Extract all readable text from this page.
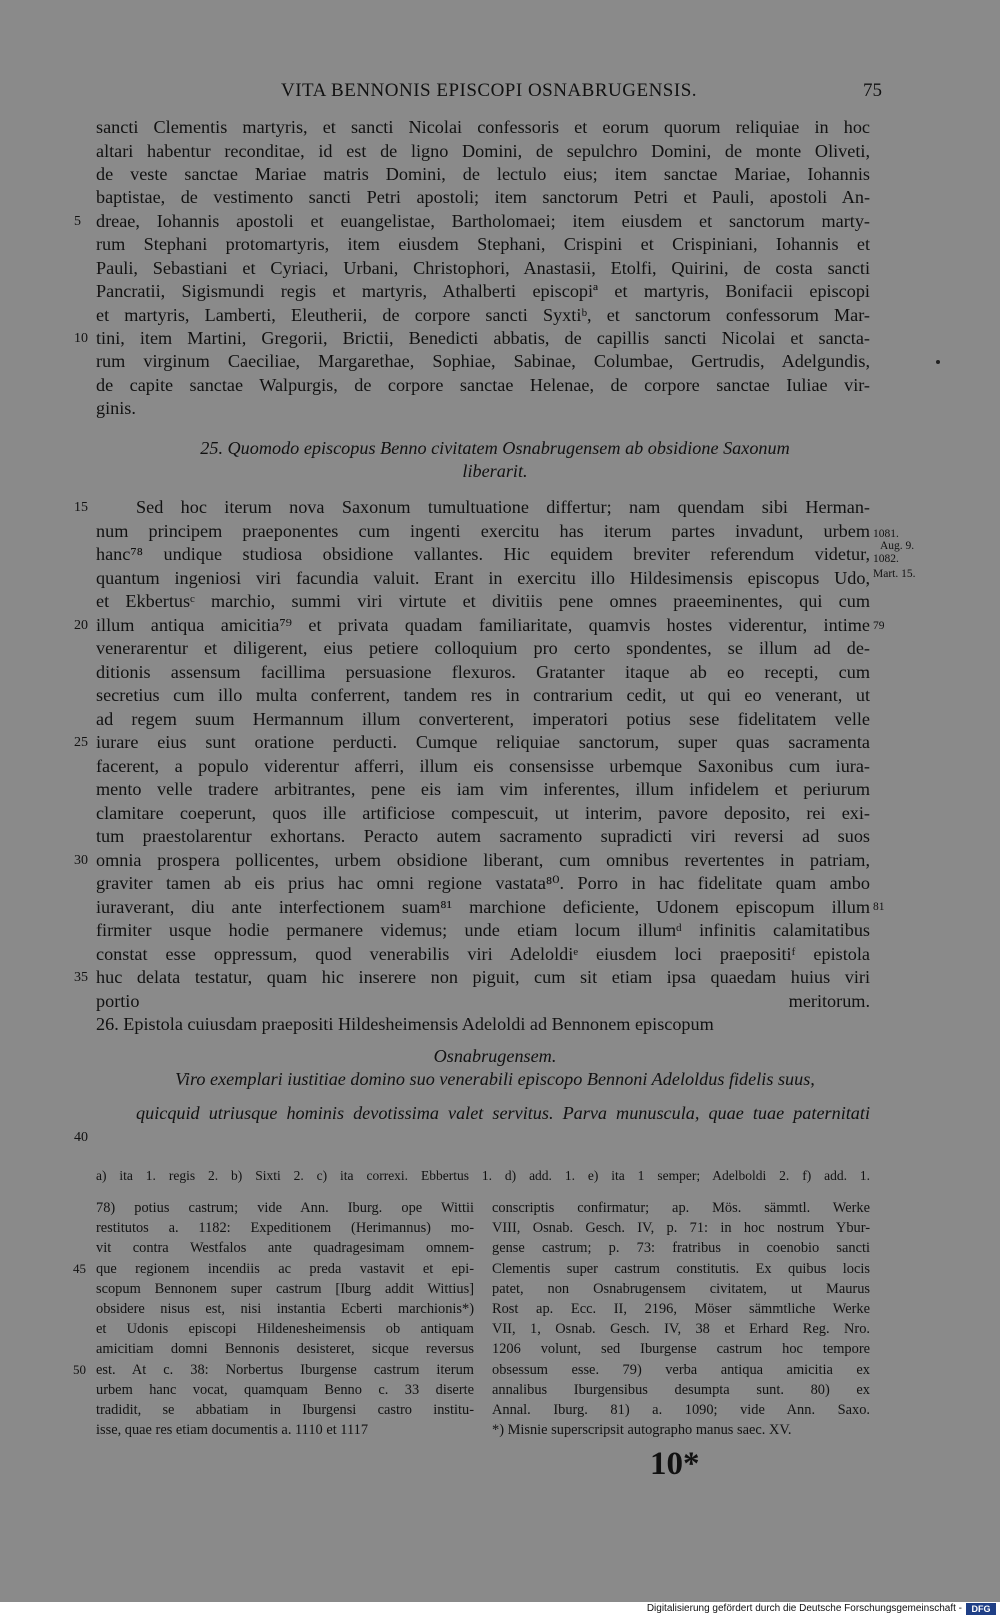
VITA BENNONIS EPISCOPI OSNABRUGENSIS.	75
sancti Clementis martyris, et sancti Nicolai confessoris et eorum quorum reliquiae in hoc
altari habentur reconditae, id est de ligno Domini, de sepulchro Domini, de monte Oliveti,
de veste sanctae Mariae matris Domini, de lectulo eius; item sanctae Mariae, Iohannis
baptistae, de vestimento sancti Petri apostoli; item sanctorum Petri et Pauli, apostoli An-
dreae, Iohannis apostoli et euangelistae, Bartholomaei; item eiusdem et sanctorum marty-
rum Stephani protomartyris, item eiusdem Stephani, Crispini et Crispiniani, Iohannis et
Pauli, Sebastiani et Cyriaci, Urbani, Christophori, Anastasii, Etolfi, Quirini, de costa sancti
Pancratii, Sigismundi regis et martyris, Athalberti episcopiª et martyris, Bonifacii episcopi
et martyris, Lamberti, Eleutherii, de corpore sancti Syxtiᵇ, et sanctorum confessorum Mar-
tini, item Martini, Gregorii, Brictii, Benedicti abbatis, de capillis sancti Nicolai et sancta-
rum virginum Caeciliae, Margarethae, Sophiae, Sabinae, Columbae, Gertrudis, Adelgundis,
de capite sanctae Walpurgis, de corpore sanctae Helenae, de corpore sanctae Iuliae vir-
ginis.
25. Quomodo episcopus Benno civitatem Osnabrugensem ab obsidione Saxonum
liberarit.
Sed hoc iterum nova Saxonum tumultuatione differtur; nam quendam sibi Herman-
num principem praeponentes cum ingenti exercitu has iterum partes invadunt, urbem
hanc⁷⁸ undique studiosa obsidione vallantes. Hic equidem breviter referendum videtur,
quantum ingeniosi viri facundia valuit. Erant in exercitu illo Hildesimensis episcopus Udo,
et Ekbertusᶜ marchio, summi viri virtute et divitiis pene omnes praeeminentes, qui cum
illum antiqua amicitia⁷⁹ et privata quadam familiaritate, quamvis hostes viderentur, intime
venerarentur et diligerent, eius petiere colloquium pro certo spondentes, se illum ad de-
ditionis assensum facillima persuasione flexuros. Gratanter itaque ab eo recepti, cum
secretius cum illo multa conferrent, tandem res in contrarium cedit, ut qui eo venerant, ut
ad regem suum Hermannum illum converterent, imperatori potius sese fidelitatem velle
iurare eius sunt oratione perducti. Cumque reliquiae sanctorum, super quas sacramenta
facerent, a populo viderentur afferri, illum eis consensisse urbemque Saxonibus cum iura-
mento velle tradere arbitrantes, pene eis iam vim inferentes, illum infidelem et periurum
clamitare coeperunt, quos ille artificiose compescuit, ut interim, pavore deposito, rei exi-
tum praestolarentur exhortans. Peracto autem sacramento supradicti viri reversi ad suos
omnia prospera pollicentes, urbem obsidione liberant, cum omnibus revertentes in patriam,
graviter tamen ab eis prius hac omni regione vastata⁸⁰. Porro in hac fidelitate quam ambo
iuraverant, diu ante interfectionem suam⁸¹ marchione deficiente, Udonem episcopum illum
firmiter usque hodie permanere videmus; unde etiam locum illumᵈ infinitis calamitatibus
constat esse oppressum, quod venerabilis viri Adeloldiᵉ eiusdem loci praepositiᶠ epistola
huc delata testatur, quam hic inserere non piguit, cum sit etiam ipsa quaedam huius viri
portio meritorum.
26. Epistola cuiusdam praepositi Hildesheimensis Adeloldi ad Bennonem episcopum
Osnabrugensem.
Viro exemplari iustitiae domino suo venerabili episcopo Bennoni Adeloldus fidelis suus,
quicquid utriusque hominis devotissima valet servitus. Parva munuscula, quae tuae paternitati
5
10
15
20
25
30
35
40
1081.
Aug. 9.
1082.
Mart. 15.
79
81
a) ita 1. regis 2. b) Sixti 2. c) ita correxi. Ebbertus 1. d) add. 1. e) ita 1 semper; Adelboldi 2. f) add. 1.
78) potius castrum; vide Ann. Iburg. ope Wittii
restitutos a. 1182: Expeditionem (Herimannus) mo-
vit contra Westfalos ante quadragesimam omnem-
que regionem incendiis ac preda vastavit et epi-
scopum Bennonem super castrum [Iburg addit Wittius]
obsidere nisus est, nisi instantia Ecberti marchionis*)
et Udonis episcopi Hildenesheimensis ob antiquam
amicitiam domni Bennonis desisteret, sicque reversus
est. At c. 38: Norbertus Iburgense castrum iterum
urbem hanc vocat, quamquam Benno c. 33 diserte
tradidit, se abbatiam in Iburgensi castro institu-
isse, quae res etiam documentis a. 1110 et 1117
conscriptis confirmatur; ap. Mös. sämmtl. Werke
VIII, Osnab. Gesch. IV, p. 71: in hoc nostrum Ybur-
gense castrum; p. 73: fratribus in coenobio sancti
Clementis super castrum constitutis. Ex quibus locis
patet, non Osnabrugensem civitatem, ut Maurus
Rost ap. Ecc. II, 2196, Möser sämmtliche Werke
VII, 1, Osnab. Gesch. IV, 38 et Erhard Reg. Nro.
1206 volunt, sed Iburgense castrum hoc tempore
obsessum esse. 79) verba antiqua amicitia ex
annalibus Iburgensibus desumpta sunt. 80) ex
Annal. Iburg. 81) a. 1090; vide Ann. Saxo.
*) Misnie superscripsit autographo manus saec. XV.
45
50
10*
Digitalisierung gefördert durch die Deutsche Forschungsgemeinschaft -	DFG
